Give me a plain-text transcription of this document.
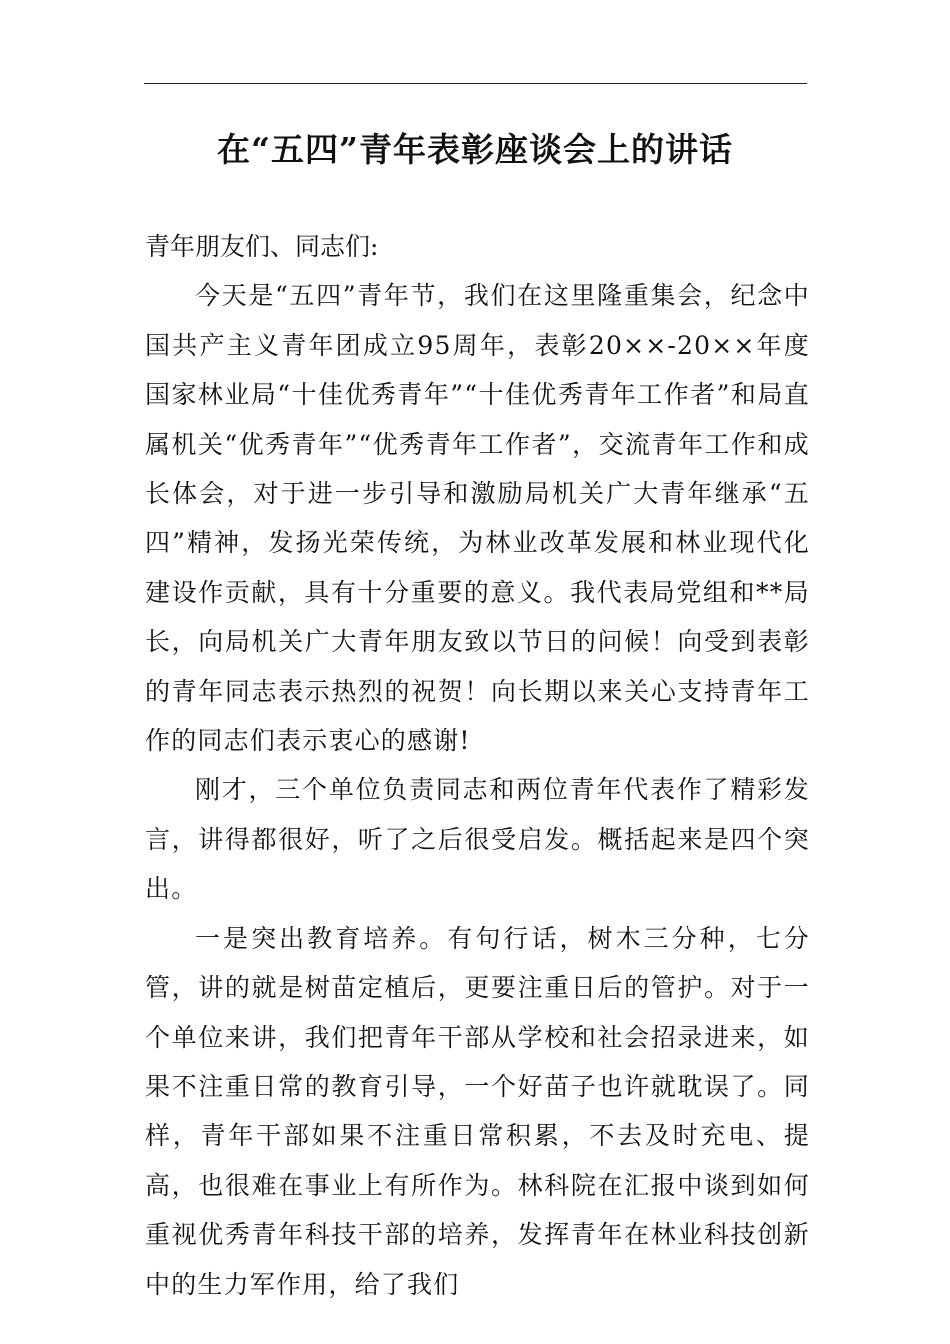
在“五四”青年表彰座谈会上的讲话

青年朋友们、同志们:

今天是“五四”青年节，我们在这里隆重集会，纪念中国共产主义青年团成立95周年，表彰20××-20××年度国家林业局“十佳优秀青年”“十佳优秀青年工作者”和局直属机关“优秀青年”“优秀青年工作者”，交流青年工作和成长体会，对于进一步引导和激励局机关广大青年继承“五四”精神，发扬光荣传统，为林业改革发展和林业现代化建设作贡献，具有十分重要的意义。我代表局党组和**局长，向局机关广大青年朋友致以节日的问候！向受到表彰的青年同志表示热烈的祝贺！向长期以来关心支持青年工作的同志们表示衷心的感谢!

刚才，三个单位负责同志和两位青年代表作了精彩发言，讲得都很好，听了之后很受启发。概括起来是四个突出。

一是突出教育培养。有句行话，树木三分种，七分管，讲的就是树苗定植后，更要注重日后的管护。对于一个单位来讲，我们把青年干部从学校和社会招录进来，如果不注重日常的教育引导，一个好苗子也许就耽误了。同样，青年干部如果不注重日常积累，不去及时充电、提高，也很难在事业上有所作为。林科院在汇报中谈到如何重视优秀青年科技干部的培养，发挥青年在林业科技创新中的生力军作用，给了我们
